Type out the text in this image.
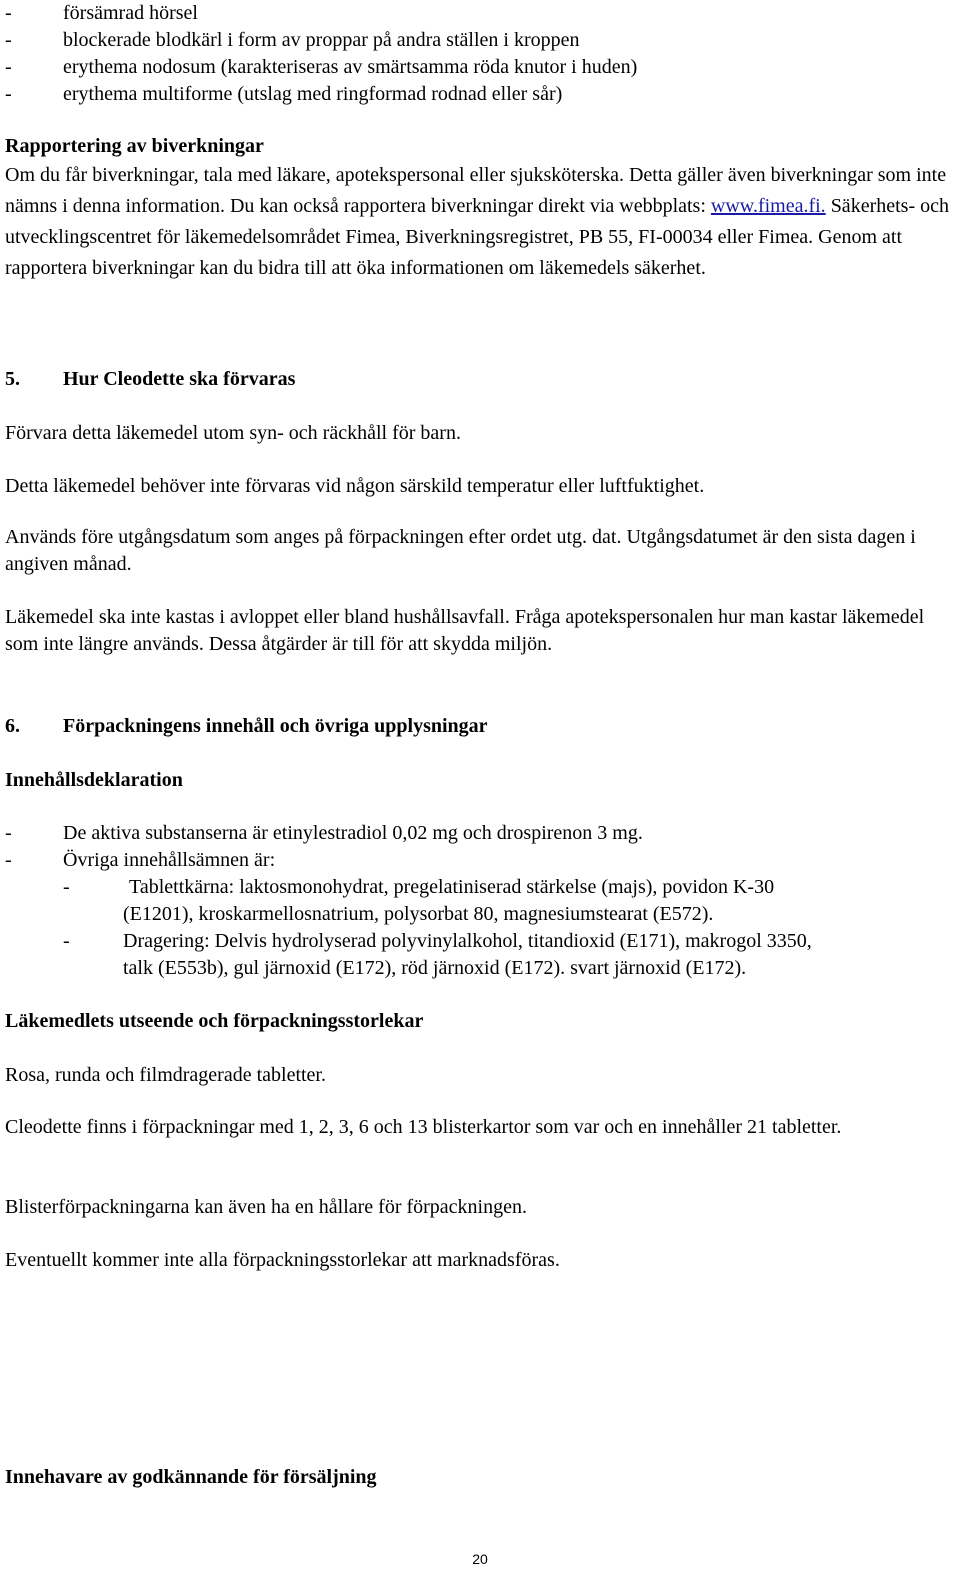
-	försämrad hörsel
-	blockerade blodkärl i form av proppar på andra ställen i kroppen
-	erythema nodosum (karakteriseras av smärtsamma röda knutor i huden)
-	erythema multiforme (utslag med ringformad rodnad eller sår)
Rapportering av biverkningar
Om du får biverkningar, tala med läkare, apotekspersonal eller sjuksköterska. Detta gäller även biverkningar som inte nämns i denna information. Du kan också rapportera biverkningar direkt via webbplats: www.fimea.fi. Säkerhets- och utvecklingscentret för läkemedelsområdet Fimea, Biverkningsregistret, PB 55, FI-00034 eller Fimea. Genom att rapportera biverkningar kan du bidra till att öka informationen om läkemedels säkerhet.
5. Hur Cleodette ska förvaras
Förvara detta läkemedel utom syn- och räckhåll för barn.
Detta läkemedel behöver inte förvaras vid någon särskild temperatur eller luftfuktighet.
Används före utgångsdatum som anges på förpackningen efter ordet utg. dat. Utgångsdatumet är den sista dagen i angiven månad.
Läkemedel ska inte kastas i avloppet eller bland hushållsavfall. Fråga apotekspersonalen hur man kastar läkemedel som inte längre används. Dessa åtgärder är till för att skydda miljön.
6. Förpackningens innehåll och övriga upplysningar
Innehållsdeklaration
-	De aktiva substanserna är etinylestradiol 0,02 mg och drospirenon 3 mg.
-	Övriga innehållsämnen är:
-	Tablettkärna: laktosmonohydrat, pregelatiniserad stärkelse (majs), povidon K-30
(E1201), kroskarmellosnatrium, polysorbat 80, magnesiumstearat (E572).
-	Dragering: Delvis hydrolyserad polyvinylalkohol, titandioxid (E171), makrogol 3350,
talk (E553b), gul järnoxid (E172), röd järnoxid (E172). svart järnoxid (E172).
Läkemedlets utseende och förpackningsstorlekar
Rosa, runda och filmdragerade tabletter.
Cleodette finns i förpackningar med 1, 2, 3, 6 och 13 blisterkartor som var och en innehåller 21 tabletter.
Blisterförpackningarna kan även ha en hållare för förpackningen.
Eventuellt kommer inte alla förpackningsstorlekar att marknadsföras.
Innehavare av godkännande för försäljning
20
